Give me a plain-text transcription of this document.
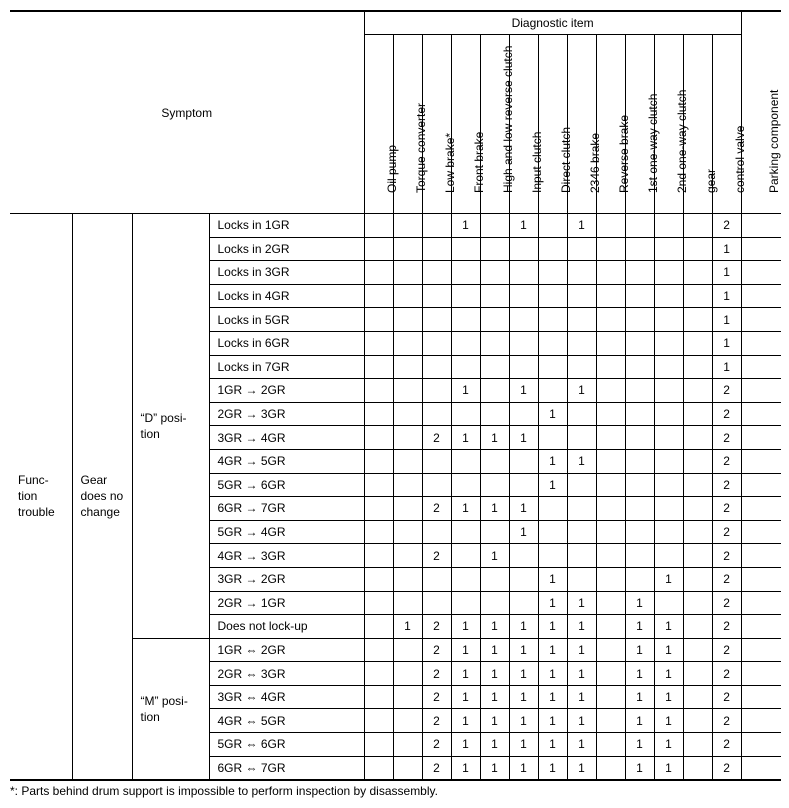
Symptom				Diagnostic item													Parking component

				Oil pump	Torque converter	Low brake*	Front brake	High and low reverse clutch	Input clutch	Direct clutch	2346 brake	Reverse brake	1st one-way clutch	2nd one-way clutch	gear	control valve	

Func-
tion
trouble	Gear
does no
change	“D” posi-
tion	Locks in 1GR				1		1		1					2	
			Locks in 2GR													1	
			Locks in 3GR													1	
			Locks in 4GR													1	
			Locks in 5GR													1	
			Locks in 6GR													1	
			Locks in 7GR													1	
			1GR → 2GR				1		1		1					2	
			2GR → 3GR							1						2	
			3GR → 4GR			2	1	1	1							2	
			4GR → 5GR							1	1					2	
			5GR → 6GR							1						2	
			6GR → 7GR			2	1	1	1							2	
			5GR → 4GR						1							2	
			4GR → 3GR			2		1								2	
			3GR → 2GR							1				1		2	
			2GR → 1GR							1	1		1			2	
			Does not lock-up		1	2	1	1	1	1	1		1	1		2	
		“M” posi-
tion	1GR ⇔ 2GR			2	1	1	1	1	1		1	1		2	
			2GR ⇔ 3GR			2	1	1	1	1	1		1	1		2	
			3GR ⇔ 4GR			2	1	1	1	1	1		1	1		2	
			4GR ⇔ 5GR			2	1	1	1	1	1		1	1		2	
			5GR ⇔ 6GR			2	1	1	1	1	1		1	1		2	
			6GR ⇔ 7GR			2	1	1	1	1	1		1	1		2	
*: Parts behind drum support is impossible to perform inspection by disassembly.
